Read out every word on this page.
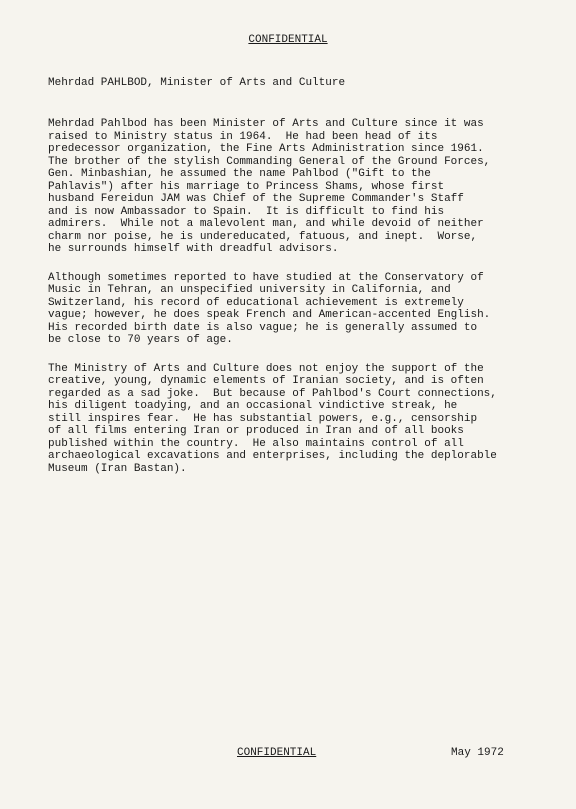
CONFIDENTIAL
Mehrdad PAHLBOD, Minister of Arts and Culture

Mehrdad Pahlbod has been Minister of Arts and Culture since it was
raised to Ministry status in 1964.  He had been head of its
predecessor organization, the Fine Arts Administration since 1961.
The brother of the stylish Commanding General of the Ground Forces,
Gen. Minbashian, he assumed the name Pahlbod ("Gift to the
Pahlavis") after his marriage to Princess Shams, whose first
husband Fereidun JAM was Chief of the Supreme Commander's Staff
and is now Ambassador to Spain.  It is difficult to find his
admirers.  While not a malevolent man, and while devoid of neither
charm nor poise, he is undereducated, fatuous, and inept.  Worse,
he surrounds himself with dreadful advisors.

Although sometimes reported to have studied at the Conservatory of
Music in Tehran, an unspecified university in California, and
Switzerland, his record of educational achievement is extremely
vague; however, he does speak French and American-accented English.
His recorded birth date is also vague; he is generally assumed to
be close to 70 years of age.

The Ministry of Arts and Culture does not enjoy the support of the
creative, young, dynamic elements of Iranian society, and is often
regarded as a sad joke.  But because of Pahlbod's Court connections,
his diligent toadying, and an occasional vindictive streak, he
still inspires fear.  He has substantial powers, e.g., censorship
of all films entering Iran or produced in Iran and of all books
published within the country.  He also maintains control of all
archaeological excavations and enterprises, including the deplorable
Museum (Iran Bastan).

CONFIDENTIAL	May 1972
